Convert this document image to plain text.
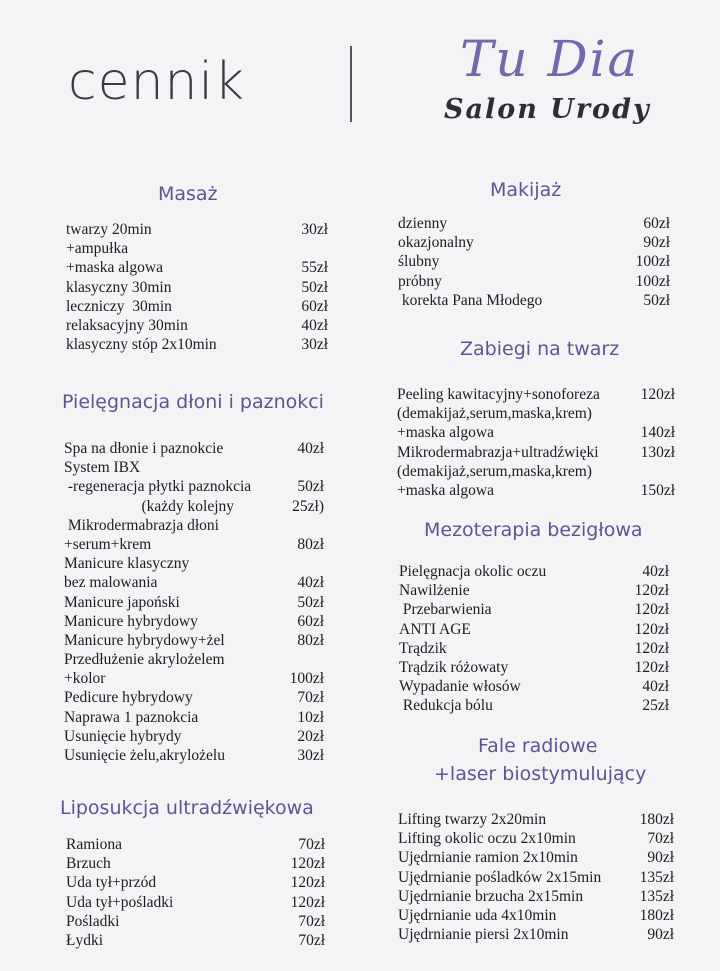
cennik	Tu Dia
Salon Urody
Masaż
twarzy 20min	30zł
+ampułka
+maska algowa	55zł
klasyczny 30min	50zł
leczniczy  30min	60zł
relaksacyjny 30min	40zł
klasyczny stóp 2x10min	30zł
Pielęgnacja dłoni i paznokci
Spa na dłonie i paznokcie	40zł
System IBX
-regeneracja płytki paznokcia	50zł
(każdy kolejny	25zł)
Mikrodermabrazja dłoni
+serum+krem	80zł
Manicure klasyczny
bez malowania	40zł
Manicure japoński	50zł
Manicure hybrydowy	60zł
Manicure hybrydowy+żel	80zł
Przedłużenie akrylożelem
+kolor	100zł
Pedicure hybrydowy	70zł
Naprawa 1 paznokcia	10zł
Usunięcie hybrydy	20zł
Usunięcie żelu,akrylożelu	30zł
Liposukcja ultradźwiękowa
Ramiona	70zł
Brzuch	120zł
Uda tył+przód	120zł
Uda tył+pośladki	120zł
Pośladki	70zł
Łydki	70zł
Makijaż
dzienny	60zł
okazjonalny	90zł
ślubny	100zł
próbny	100zł
korekta Pana Młodego	50zł
Zabiegi na twarz
Peeling kawitacyjny+sonoforeza	120zł
(demakijaż,serum,maska,krem)
+maska algowa	140zł
Mikrodermabrazja+ultradźwięki	130zł
(demakijaż,serum,maska,krem)
+maska algowa	150zł
Mezoterapia bezigłowa
Pielęgnacja okolic oczu	40zł
Nawilżenie	120zł
Przebarwienia	120zł
ANTI AGE	120zł
Trądzik	120zł
Trądzik różowaty	120zł
Wypadanie włosów	40zł
Redukcja bólu	25zł
Fale radiowe
+laser biostymulujący
Lifting twarzy 2x20min	180zł
Lifting okolic oczu 2x10min	70zł
Ujędrnianie ramion 2x10min	90zł
Ujędrnianie pośladków 2x15min	135zł
Ujędrnianie brzucha 2x15min	135zł
Ujędrnianie uda 4x10min	180zł
Ujędrnianie piersi 2x10min	90zł
